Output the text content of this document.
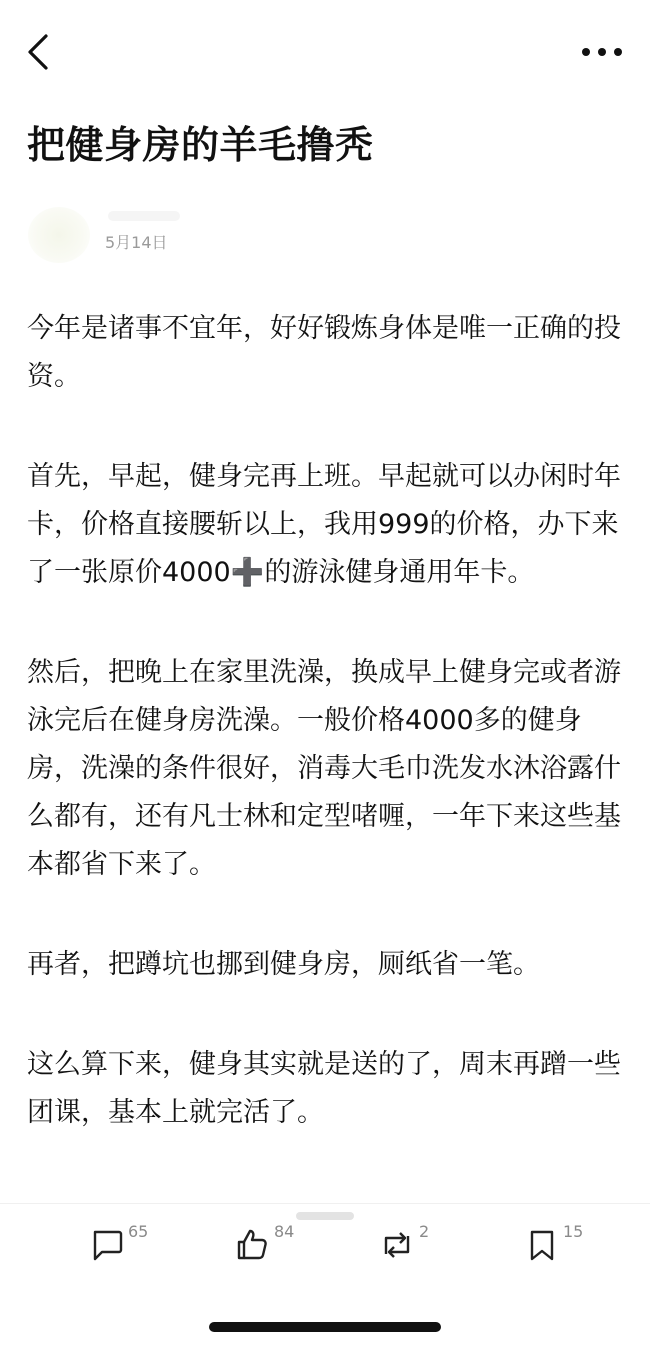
把健身房的羊毛撸秃
5月14日

今年是诸事不宜年，好好锻炼身体是唯一正确的投资。

首先，早起，健身完再上班。早起就可以办闲时年卡，价格直接腰斩以上，我用999的价格，办下来了一张原价4000➕的游泳健身通用年卡。

然后，把晚上在家里洗澡，换成早上健身完或者游泳完后在健身房洗澡。一般价格4000多的健身房，洗澡的条件很好，消毒大毛巾洗发水沐浴露什么都有，还有凡士林和定型啫喱，一年下来这些基本都省下来了。

再者，把蹲坑也挪到健身房，厕纸省一笔。

这么算下来，健身其实就是送的了，周末再蹭一些团课，基本上就完活了。

65	84	2	15
